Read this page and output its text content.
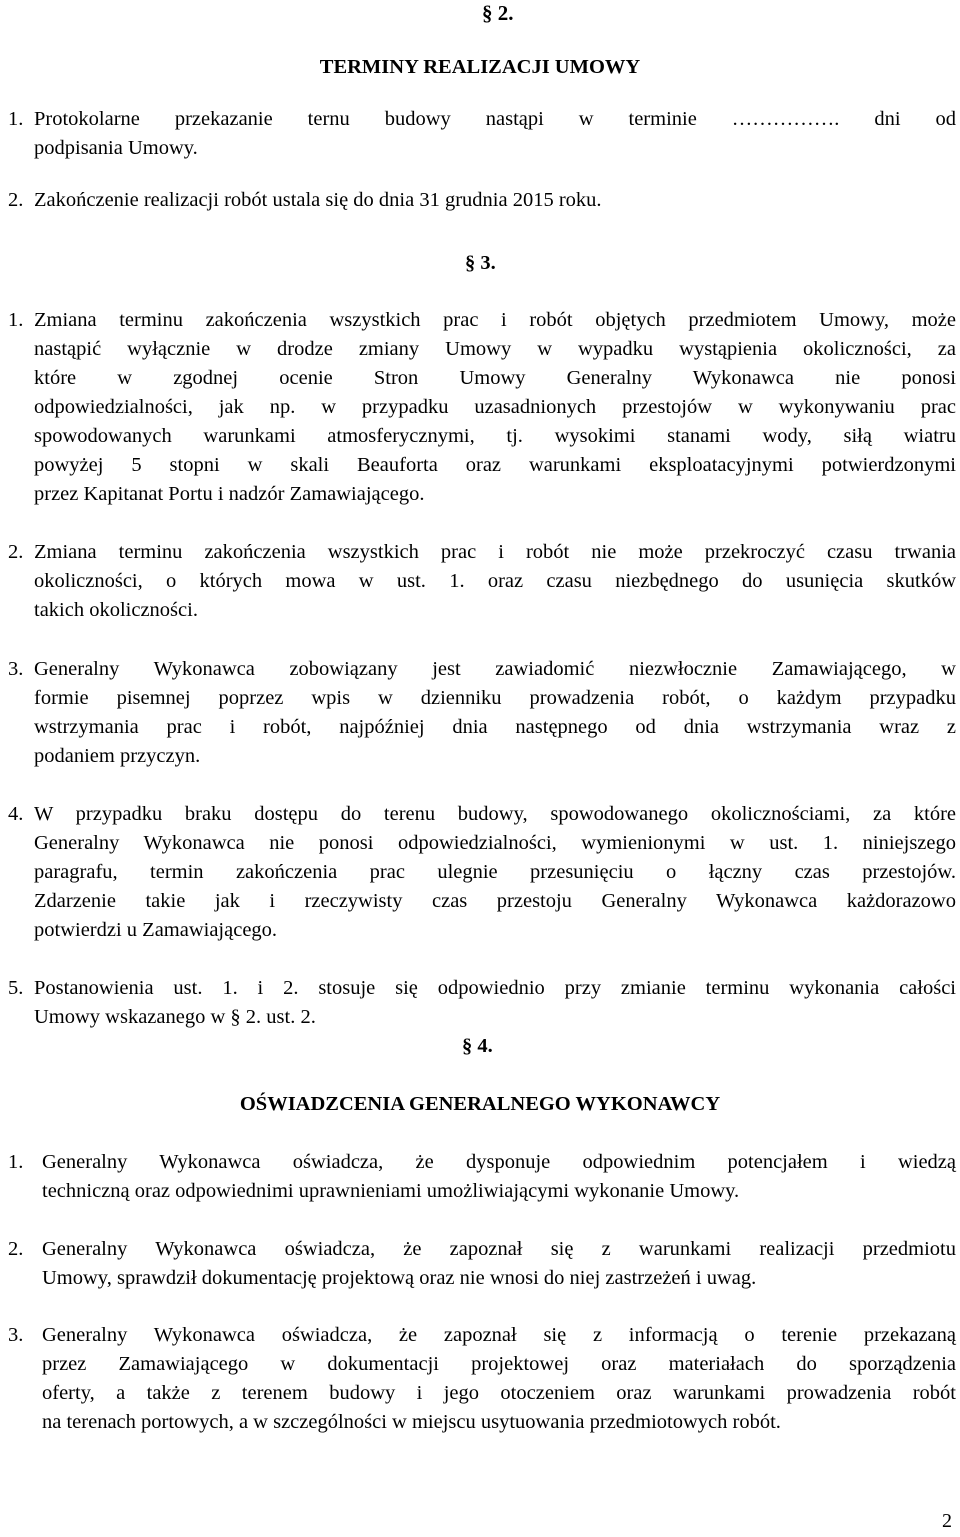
§ 2.
TERMINY REALIZACJI UMOWY
1. Protokolarne przekazanie ternu budowy nastąpi w terminie ……………. dni od
podpisania Umowy.
2. Zakończenie realizacji robót ustala się do dnia 31 grudnia 2015 roku.
§ 3.
1. Zmiana terminu zakończenia wszystkich prac i robót objętych przedmiotem Umowy, może
nastąpić wyłącznie w drodze zmiany Umowy w wypadku wystąpienia okoliczności, za
które w zgodnej ocenie Stron Umowy Generalny Wykonawca nie ponosi
odpowiedzialności, jak np. w przypadku uzasadnionych przestojów w wykonywaniu prac
spowodowanych warunkami atmosferycznymi, tj. wysokimi stanami wody, siłą wiatru
powyżej 5 stopni w skali Beauforta oraz warunkami eksploatacyjnymi potwierdzonymi
przez Kapitanat Portu i nadzór Zamawiającego.
2. Zmiana terminu zakończenia wszystkich prac i robót nie może przekroczyć czasu trwania
okoliczności, o których mowa w ust. 1. oraz czasu niezbędnego do usunięcia skutków
takich okoliczności.
3. Generalny Wykonawca zobowiązany jest zawiadomić niezwłocznie Zamawiającego, w
formie pisemnej poprzez wpis w dzienniku prowadzenia robót, o każdym przypadku
wstrzymania prac i robót, najpóźniej dnia następnego od dnia wstrzymania wraz z
podaniem przyczyn.
4. W przypadku braku dostępu do terenu budowy, spowodowanego okolicznościami, za które
Generalny Wykonawca nie ponosi odpowiedzialności, wymienionymi w ust. 1. niniejszego
paragrafu, termin zakończenia prac ulegnie przesunięciu o łączny czas przestojów.
Zdarzenie takie jak i rzeczywisty czas przestoju Generalny Wykonawca każdorazowo
potwierdzi u Zamawiającego.
5. Postanowienia ust. 1. i 2. stosuje się odpowiednio przy zmianie terminu wykonania całości
Umowy wskazanego w § 2. ust. 2.
§ 4.
OŚWIADZCENIA GENERALNEGO WYKONAWCY
1. Generalny Wykonawca oświadcza, że dysponuje odpowiednim potencjałem i wiedzą
techniczną oraz odpowiednimi uprawnieniami umożliwiającymi wykonanie Umowy.
2. Generalny Wykonawca oświadcza, że zapoznał się z warunkami realizacji przedmiotu
Umowy, sprawdził dokumentację projektową oraz nie wnosi do niej zastrzeżeń i uwag.
3. Generalny Wykonawca oświadcza, że zapoznał się z informacją o terenie przekazaną
przez Zamawiającego w dokumentacji projektowej oraz materiałach do sporządzenia
oferty, a także z terenem budowy i jego otoczeniem oraz warunkami prowadzenia robót
na terenach portowych, a w szczególności w miejscu usytuowania przedmiotowych robót.
2
